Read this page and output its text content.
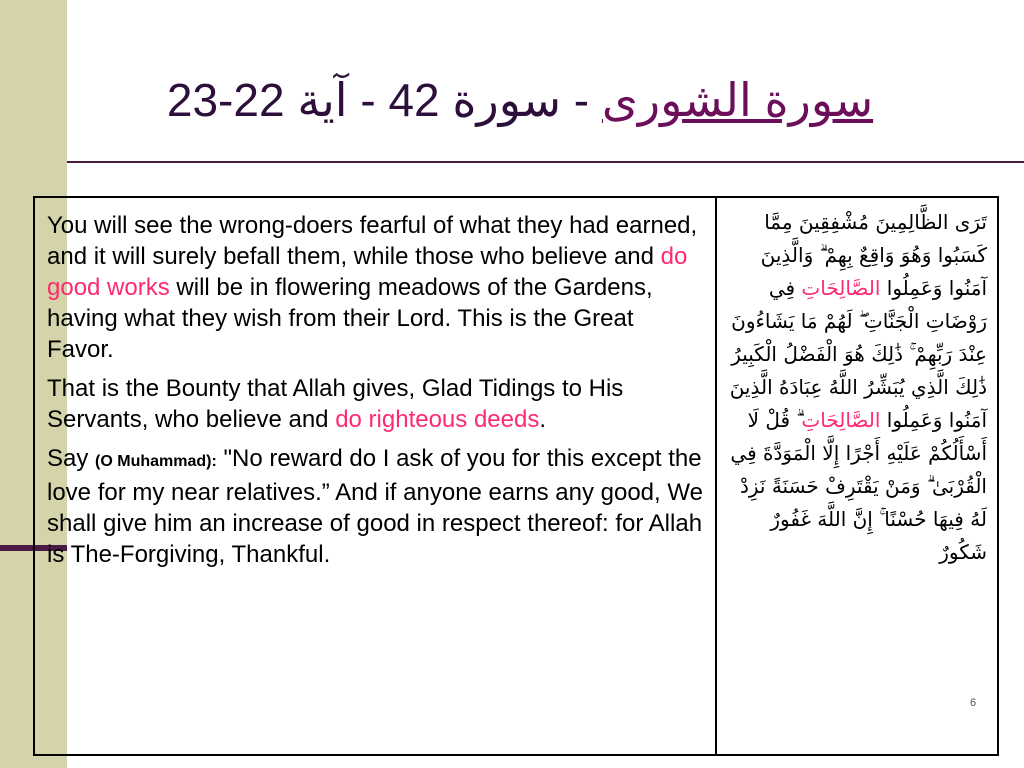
سورة الشورى - سورة 42 - آية 22-23

You will see the wrong-doers fearful of what they had earned, and it will surely befall them, while those who believe and do good works will be in flowering meadows of the Gardens, having what they wish from their Lord. This is the Great Favor.

That is the Bounty that Allah gives, Glad Tidings to His Servants, who believe and do righteous deeds.

Say (O Muhammad): "No reward do I ask of you for this except the love for my near relatives.” And if anyone earns any good, We shall give him an increase of good in respect thereof: for Allah is The-Forgiving, Thankful.

تَرَى الظَّالِمِينَ مُشْفِقِينَ مِمَّا كَسَبُوا وَهُوَ وَاقِعٌ بِهِمْ ۗ وَالَّذِينَ آمَنُوا وَعَمِلُوا الصَّالِحَاتِ فِي رَوْضَاتِ الْجَنَّاتِ ۖ لَهُمْ مَا يَشَاءُونَ عِنْدَ رَبِّهِمْ ۚ ذَٰلِكَ هُوَ الْفَضْلُ الْكَبِيرُ

ذَٰلِكَ الَّذِي يُبَشِّرُ اللَّهُ عِبَادَهُ الَّذِينَ آمَنُوا وَعَمِلُوا الصَّالِحَاتِ ۗ قُلْ لَا أَسْأَلُكُمْ عَلَيْهِ أَجْرًا إِلَّا الْمَوَدَّةَ فِي الْقُرْبَىٰ ۗ وَمَنْ يَقْتَرِفْ حَسَنَةً نَزِدْ لَهُ فِيهَا حُسْنًا ۚ إِنَّ اللَّهَ غَفُورٌ شَكُورٌ

6
